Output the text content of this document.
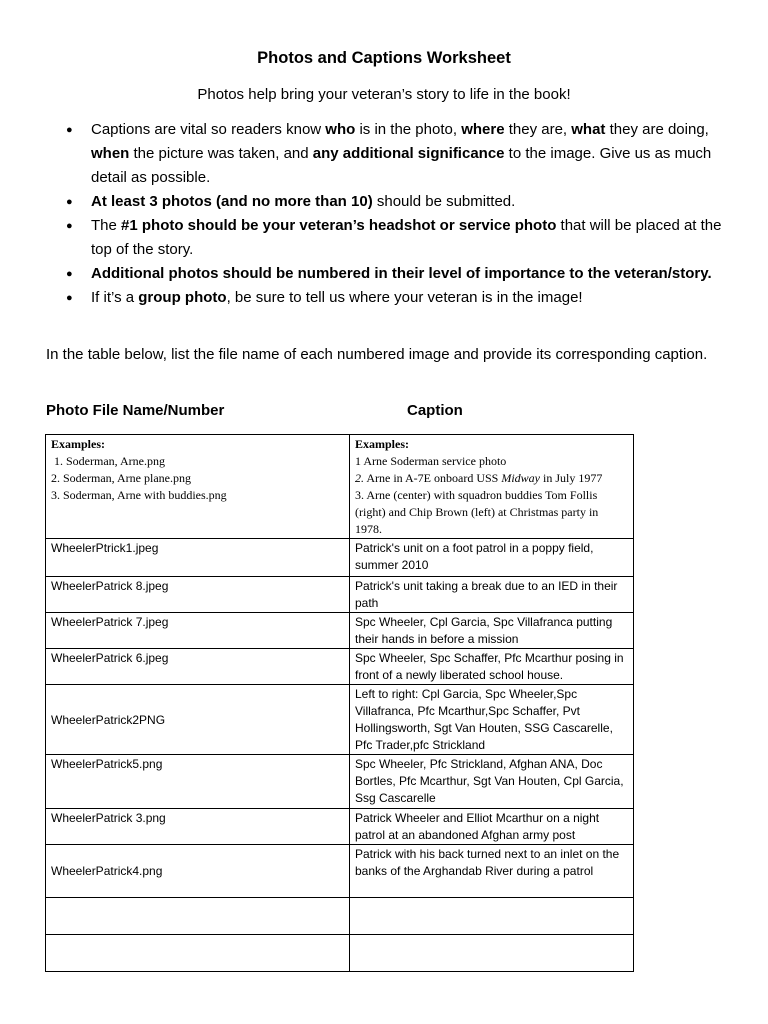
Photos and Captions Worksheet
Photos help bring your veteran’s story to life in the book!
● Captions are vital so readers know who is in the photo, where they are, what they are doing, when the picture was taken, and any additional significance to the image. Give us as much detail as possible.
● At least 3 photos (and no more than 10) should be submitted.
● The #1 photo should be your veteran’s headshot or service photo that will be placed at the top of the story.
● Additional photos should be numbered in their level of importance to the veteran/story.
● If it’s a group photo, be sure to tell us where your veteran is in the image!
In the table below, list the file name of each numbered image and provide its corresponding caption.
Photo File Name/Number	Caption
Examples:
1. Soderman, Arne.png
2. Soderman, Arne plane.png
3. Soderman, Arne with buddies.png	Examples:
1 Arne Soderman service photo
2. Arne in A-7E onboard USS Midway in July 1977
3. Arne (center) with squadron buddies Tom Follis (right) and Chip Brown (left) at Christmas party in 1978.

WheelerPtrick1.jpeg	Patrick's unit on a foot patrol in a poppy field, summer 2010
WheelerPatrick 8.jpeg	Patrick's unit taking a break due to an IED in their path
WheelerPatrick 7.jpeg	Spc Wheeler, Cpl Garcia, Spc Villafranca putting their hands in before a mission
WheelerPatrick 6.jpeg	Spc Wheeler, Spc Schaffer, Pfc Mcarthur posing in front of a newly liberated school house.
WheelerPatrick2PNG	Left to right: Cpl Garcia, Spc Wheeler,Spc Villafranca, Pfc Mcarthur,Spc Schaffer, Pvt Hollingsworth, Sgt Van Houten, SSG Cascarelle, Pfc Trader,pfc Strickland
WheelerPatrick5.png	Spc Wheeler, Pfc Strickland, Afghan ANA, Doc Bortles, Pfc Mcarthur, Sgt Van Houten, Cpl Garcia, Ssg Cascarelle
WheelerPatrick 3.png	Patrick Wheeler and Elliot Mcarthur on a night patrol at an abandoned Afghan army post
WheelerPatrick4.png	Patrick with his back turned next to an inlet on the banks of the Arghandab River during a patrol
